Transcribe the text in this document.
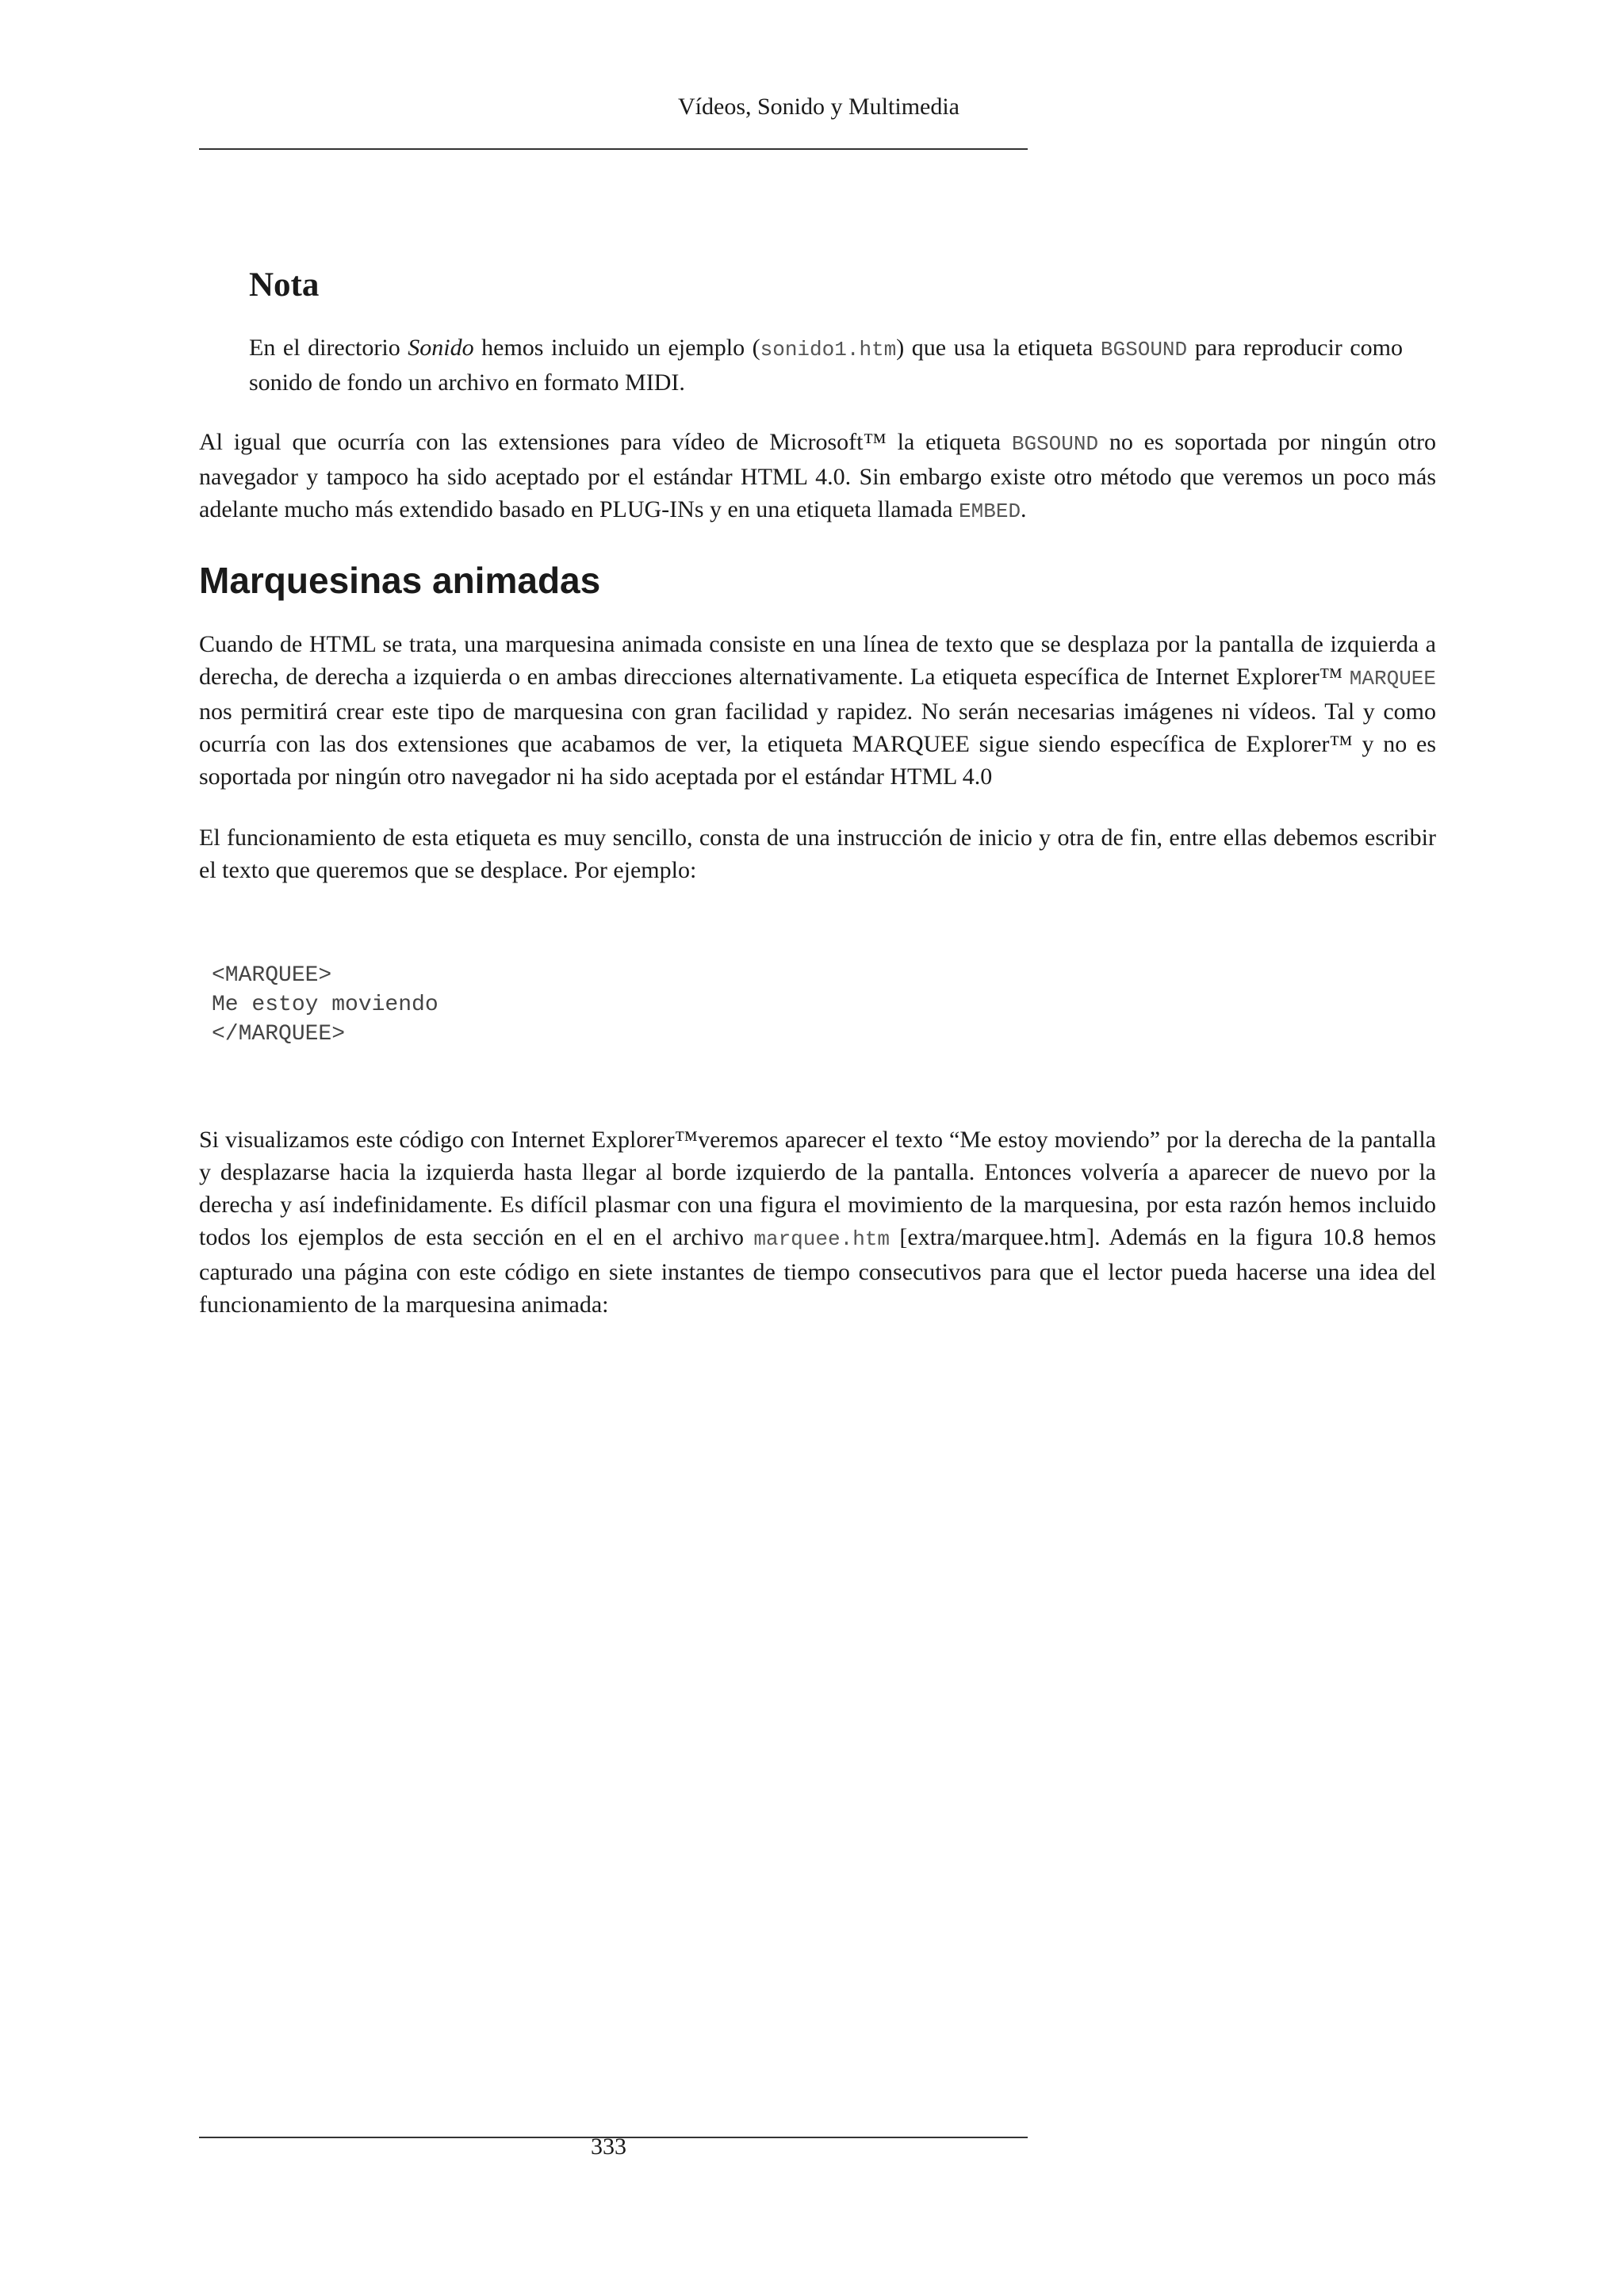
Vídeos, Sonido y Multimedia
Nota

En el directorio Sonido hemos incluido un ejemplo (sonido1.htm) que usa la etiqueta BGSOUND para reproducir como sonido de fondo un archivo en formato MIDI.

Al igual que ocurría con las extensiones para vídeo de Microsoft™ la etiqueta BGSOUND no es soportada por ningún otro navegador y tampoco ha sido aceptado por el estándar HTML 4.0. Sin embargo existe otro método que veremos un poco más adelante mucho más extendido basado en PLUG-INs y en una etiqueta llamada EMBED.

Marquesinas animadas

Cuando de HTML se trata, una marquesina animada consiste en una línea de texto que se desplaza por la pantalla de izquierda a derecha, de derecha a izquierda o en ambas direcciones alternativamente. La etiqueta específica de Internet Explorer™ MARQUEE nos permitirá crear este tipo de marquesina con gran facilidad y rapidez. No serán necesarias imágenes ni vídeos. Tal y como ocurría con las dos extensiones que acabamos de ver, la etiqueta MARQUEE sigue siendo específica de Explorer™ y no es soportada por ningún otro navegador ni ha sido aceptada por el estándar HTML 4.0

El funcionamiento de esta etiqueta es muy sencillo, consta de una instrucción de inicio y otra de fin, entre ellas debemos escribir el texto que queremos que se desplace. Por ejemplo:

<MARQUEE>
Me estoy moviendo
</MARQUEE>

Si visualizamos este código con Internet Explorer™veremos aparecer el texto “Me estoy moviendo” por la derecha de la pantalla y desplazarse hacia la izquierda hasta llegar al borde izquierdo de la pantalla. Entonces volvería a aparecer de nuevo por la derecha y así indefinidamente. Es difícil plasmar con una figura el movimiento de la marquesina, por esta razón hemos incluido todos los ejemplos de esta sección en el en el archivo marquee.htm [extra/marquee.htm]. Además en la figura 10.8 hemos capturado una página con este código en siete instantes de tiempo consecutivos para que el lector pueda hacerse una idea del funcionamiento de la marquesina animada:

333
